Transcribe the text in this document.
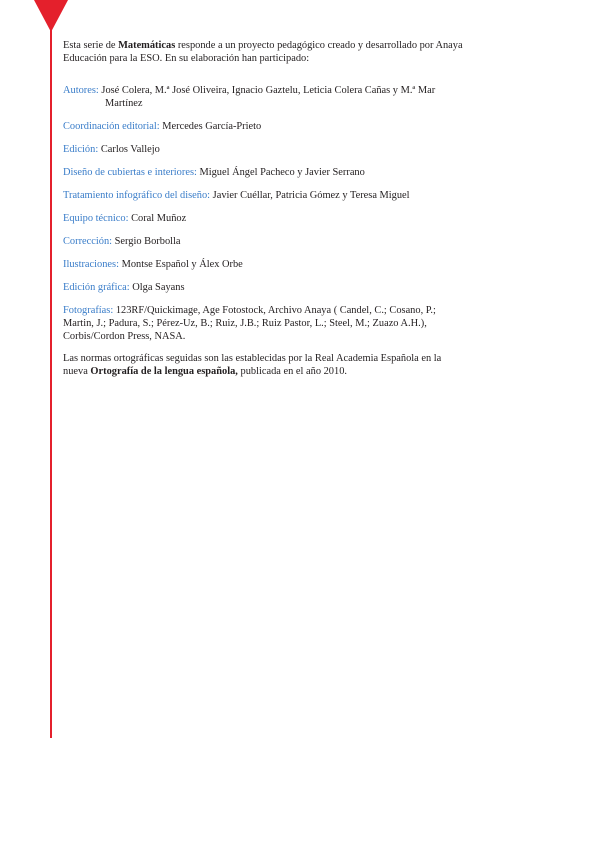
Esta serie de Matemáticas responde a un proyecto pedagógico creado y desarrollado por Anaya Educación para la ESO. En su elaboración han participado:

Autores: José Colera, M.ª José Oliveira, Ignacio Gaztelu, Leticia Colera Cañas y M.ª Mar Martínez

Coordinación editorial: Mercedes García-Prieto

Edición: Carlos Vallejo

Diseño de cubiertas e interiores: Miguel Ángel Pacheco y Javier Serrano

Tratamiento infográfico del diseño: Javier Cuéllar, Patricia Gómez y Teresa Miguel

Equipo técnico: Coral Muñoz

Corrección: Sergio Borbolla

Ilustraciones: Montse Español y Álex Orbe

Edición gráfica: Olga Sayans

Fotografías: 123RF/Quickimage, Age Fotostock, Archivo Anaya ( Candel, C.; Cosano, P.; Martin, J.; Padura, S.; Pérez-Uz, B.; Ruiz, J.B.; Ruiz Pastor, L.; Steel, M.; Zuazo A.H.), Corbis/Cordon Press, NASA.

Las normas ortográficas seguidas son las establecidas por la Real Academia Española en la nueva Ortografía de la lengua española, publicada en el año 2010.
